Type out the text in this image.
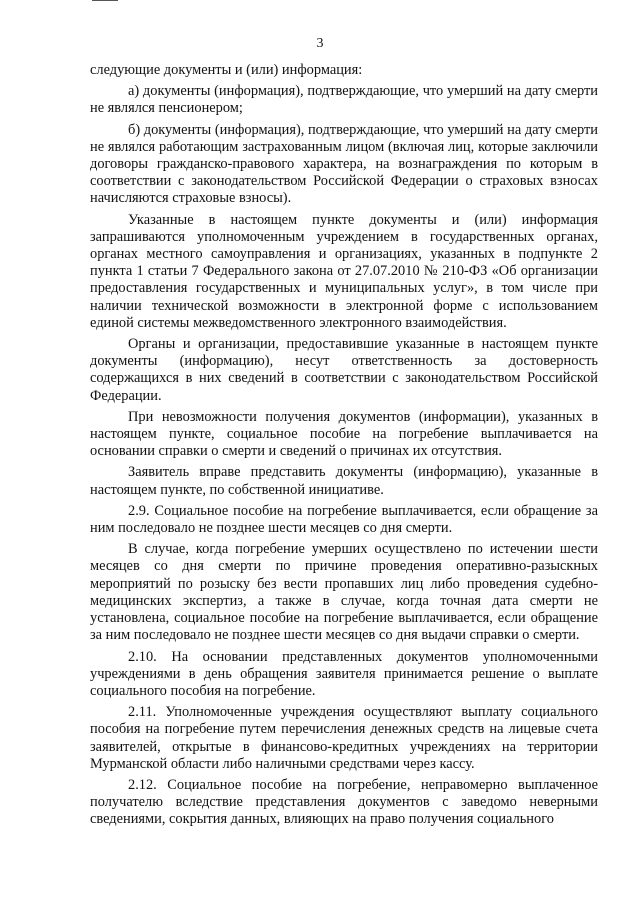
3

следующие документы и (или) информация:

а) документы (информация), подтверждающие, что умерший на дату смерти не являлся пенсионером;

б) документы (информация), подтверждающие, что умерший на дату смерти не являлся работающим застрахованным лицом (включая лиц, которые заключили договоры гражданско-правового характера, на вознаграждения по которым в соответствии с законодательством Российской Федерации о страховых взносах начисляются страховые взносы).

Указанные в настоящем пункте документы и (или) информация запрашиваются уполномоченным учреждением в государственных органах, органах местного самоуправления и организациях, указанных в подпункте 2 пункта 1 статьи 7 Федерального закона от 27.07.2010 № 210-ФЗ «Об организации предоставления государственных и муниципальных услуг», в том числе при наличии технической возможности в электронной форме с использованием единой системы межведомственного электронного взаимодействия.

Органы и организации, предоставившие указанные в настоящем пункте документы (информацию), несут ответственность за достоверность содержащихся в них сведений в соответствии с законодательством Российской Федерации.

При невозможности получения документов (информации), указанных в настоящем пункте, социальное пособие на погребение выплачивается на основании справки о смерти и сведений о причинах их отсутствия.

Заявитель вправе представить документы (информацию), указанные в настоящем пункте, по собственной инициативе.

2.9. Социальное пособие на погребение выплачивается, если обращение за ним последовало не позднее шести месяцев со дня смерти.

В случае, когда погребение умерших осуществлено по истечении шести месяцев со дня смерти по причине проведения оперативно-разыскных мероприятий по розыску без вести пропавших лиц либо проведения судебно-медицинских экспертиз, а также в случае, когда точная дата смерти не установлена, социальное пособие на погребение выплачивается, если обращение за ним последовало не позднее шести месяцев со дня выдачи справки о смерти.

2.10. На основании представленных документов уполномоченными учреждениями в день обращения заявителя принимается решение о выплате социального пособия на погребение.

2.11. Уполномоченные учреждения осуществляют выплату социального пособия на погребение путем перечисления денежных средств на лицевые счета заявителей, открытые в финансово-кредитных учреждениях на территории Мурманской области либо наличными средствами через кассу.

2.12. Социальное пособие на погребение, неправомерно выплаченное получателю вследствие представления документов с заведомо неверными сведениями, сокрытия данных, влияющих на право получения социального
